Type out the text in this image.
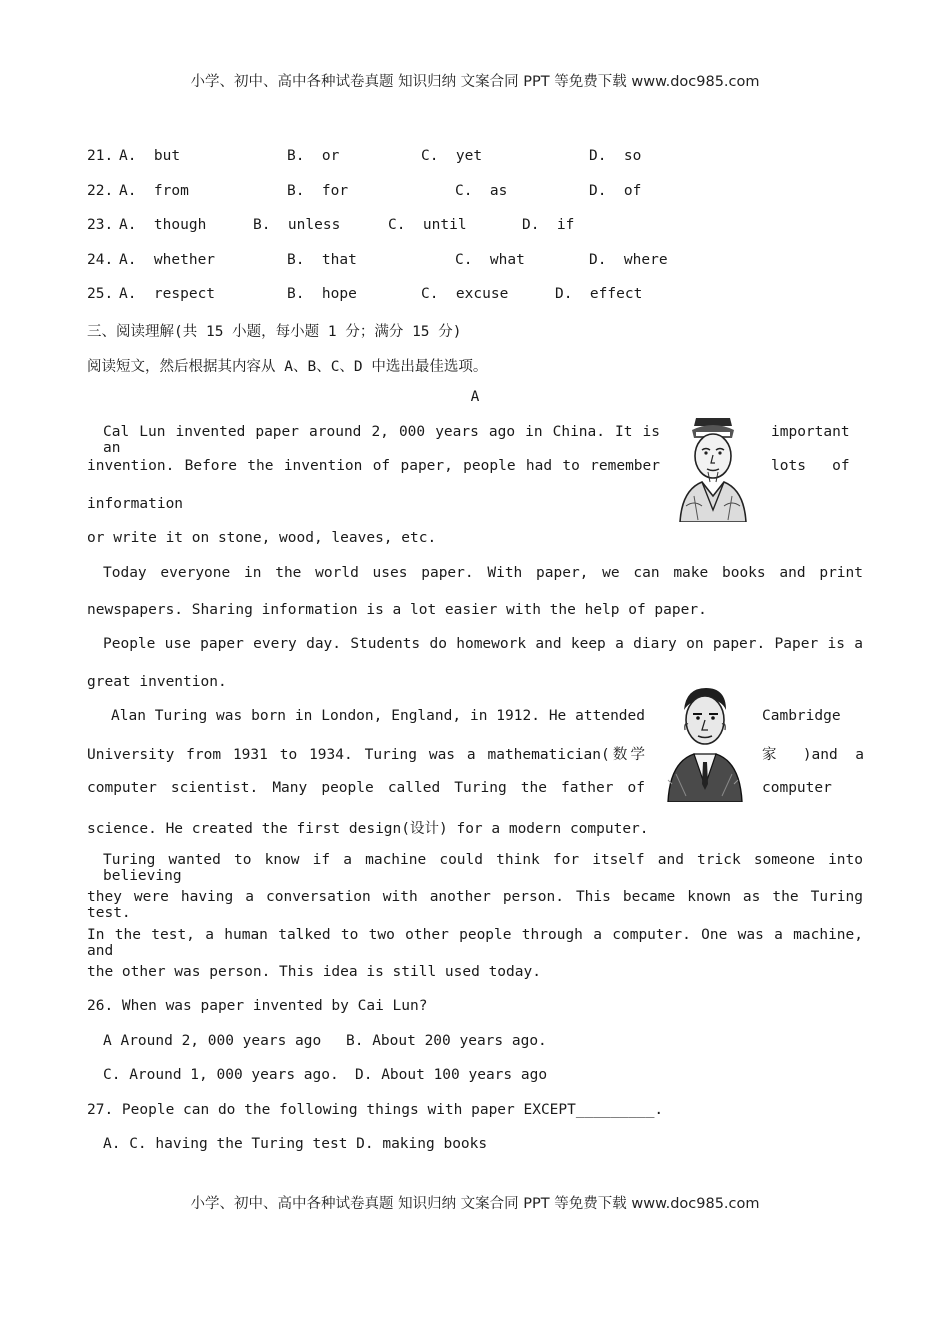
小学、初中、高中各种试卷真题 知识归纳 文案合同 PPT 等免费下载 www.doc985.com
21. A.  but	B.  or	C.  yet	D.  so
22. A.  from	B.  for	C.  as	D.  of
23. A.  though	B.  unless	C.  until	D.  if
24. A.  whether	B.  that	C.  what	D.  where
25. A.  respect	B.  hope	C.  excuse	D.  effect
三、阅读理解(共 15 小题，每小题 1 分；满分 15 分)
阅读短文，然后根据其内容从 A、B、C、D 中选出最佳选项。
A
Cal Lun invented paper around 2, 000 years ago in China. It is an
invention. Before the invention of paper, people had to remember
important
lots   of
information
or write it on stone, wood, leaves, etc.
Today everyone in the world uses paper. With paper, we can make books and print
newspapers. Sharing information is a lot easier with the help of paper.
People use paper every day. Students do homework and keep a diary on paper. Paper is a
great invention.
Alan Turing was born in London, England, in 1912. He attended
University from 1931 to 1934. Turing was a mathematician(数学
computer scientist. Many people called Turing the father of
Cambridge
家 )and a
computer
science. He created the first design(设计) for a modern computer.
Turing wanted to know if a machine could think for itself and trick someone into believing
they were having a conversation with another person. This became known as the Turing test.
In the test, a human talked to two other people through a computer. One was a machine, and
the other was person. This idea is still used today.
26. When was paper invented by Cai Lun?
A Around 2, 000 years ago B. About 200 years ago.
C. Around 1, 000 years ago. D. About 100 years ago
27. People can do the following things with paper EXCEPT_________.
A. C. having the Turing test D. making books
小学、初中、高中各种试卷真题 知识归纳 文案合同 PPT 等免费下载 www.doc985.com
